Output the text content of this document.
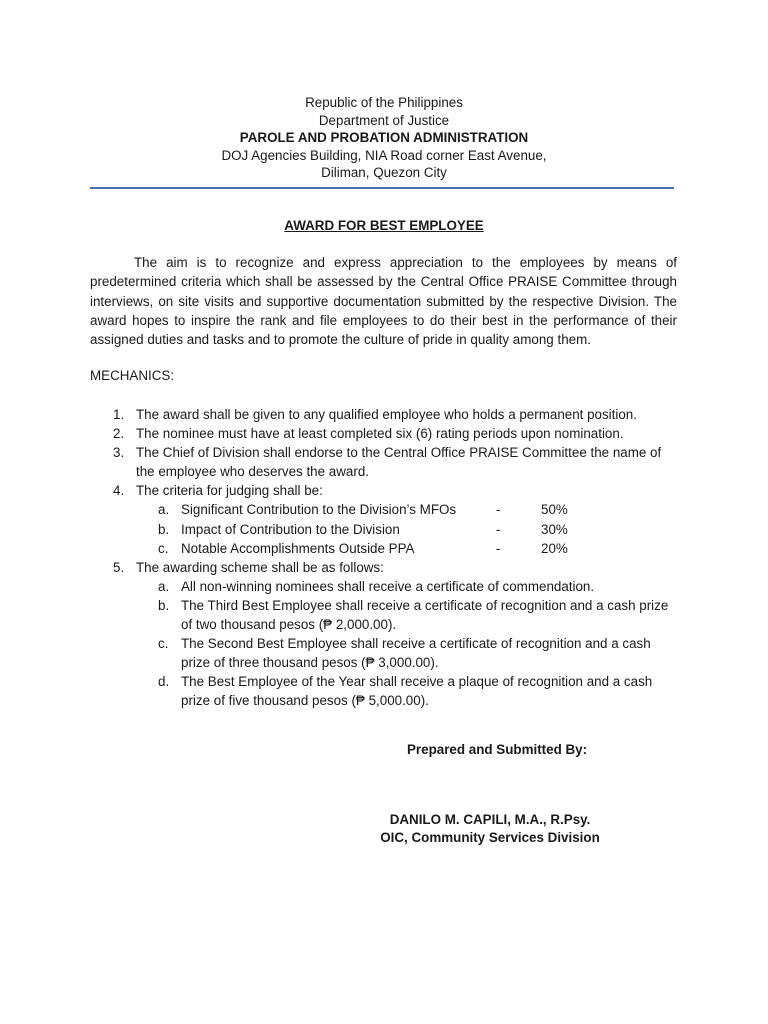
Republic of the Philippines
Department of Justice
PAROLE AND PROBATION ADMINISTRATION
DOJ Agencies Building, NIA Road corner East Avenue,
Diliman, Quezon City
AWARD FOR BEST EMPLOYEE

The aim is to recognize and express appreciation to the employees by means of predetermined criteria which shall be assessed by the Central Office PRAISE Committee through interviews, on site visits and supportive documentation submitted by the respective Division. The award hopes to inspire the rank and file employees to do their best in the performance of their assigned duties and tasks and to promote the culture of pride in quality among them.

MECHANICS:
1. The award shall be given to any qualified employee who holds a permanent position.
2. The nominee must have at least completed six (6) rating periods upon nomination.
3. The Chief of Division shall endorse to the Central Office PRAISE Committee the name of
the employee who deserves the award.
4. The criteria for judging shall be:
a. Significant Contribution to the Division’s MFOs	-	50%
b. Impact of Contribution to the Division	-	30%
c. Notable Accomplishments Outside PPA	-	20%
5. The awarding scheme shall be as follows:
a. All non-winning nominees shall receive a certificate of commendation.
b. The Third Best Employee shall receive a certificate of recognition and a cash prize
of two thousand pesos (₱ 2,000.00).
c. The Second Best Employee shall receive a certificate of recognition and a cash
prize of three thousand pesos (₱ 3,000.00).
d. The Best Employee of the Year shall receive a plaque of recognition and a cash
prize of five thousand pesos (₱ 5,000.00).
Prepared and Submitted By:
DANILO M. CAPILI, M.A., R.Psy.
OIC, Community Services Division
